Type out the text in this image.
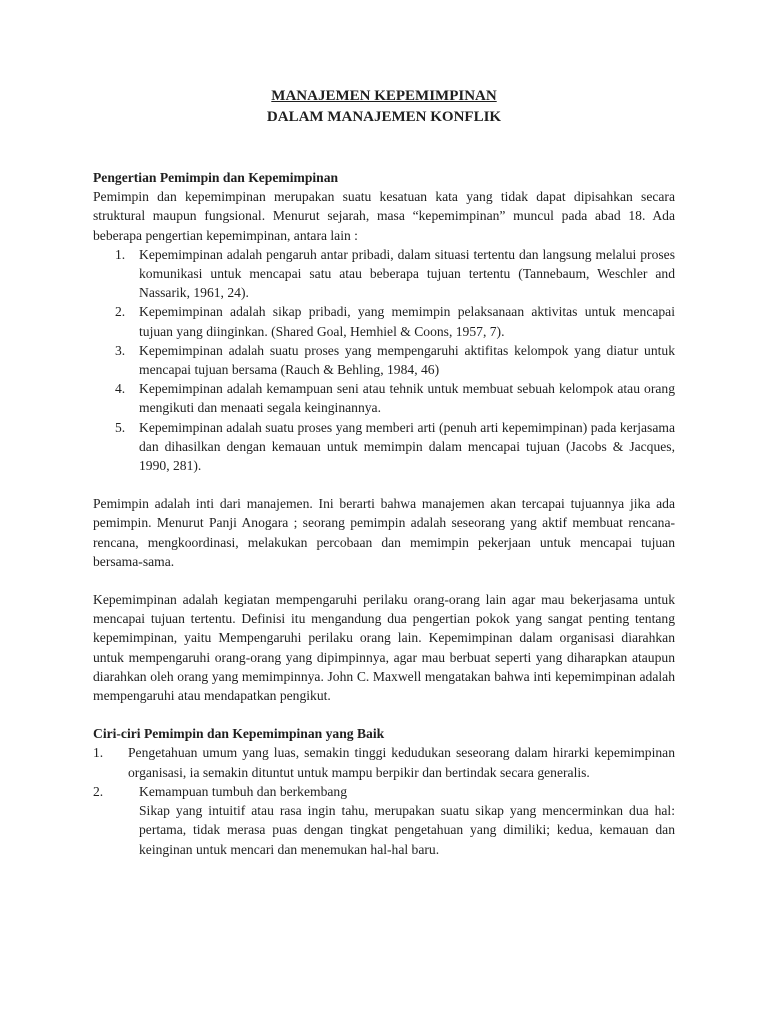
MANAJEMEN KEPEMIMPINAN
DALAM MANAJEMEN KONFLIK
Pengertian Pemimpin dan Kepemimpinan

Pemimpin dan kepemimpinan merupakan suatu kesatuan kata yang tidak dapat dipisahkan secara struktural maupun fungsional. Menurut sejarah, masa “kepemimpinan” muncul pada abad 18. Ada beberapa pengertian kepemimpinan, antara lain :

1. Kepemimpinan adalah pengaruh antar pribadi, dalam situasi tertentu dan langsung melalui proses komunikasi untuk mencapai satu atau beberapa tujuan tertentu (Tannebaum, Weschler and Nassarik, 1961, 24).
2. Kepemimpinan adalah sikap pribadi, yang memimpin pelaksanaan aktivitas untuk mencapai tujuan yang diinginkan. (Shared Goal, Hemhiel & Coons, 1957, 7).
3. Kepemimpinan adalah suatu proses yang mempengaruhi aktifitas kelompok yang diatur untuk mencapai tujuan bersama (Rauch & Behling, 1984, 46)
4. Kepemimpinan adalah kemampuan seni atau tehnik untuk membuat sebuah kelompok atau orang mengikuti dan menaati segala keinginannya.
5. Kepemimpinan adalah suatu proses yang memberi arti (penuh arti kepemimpinan) pada kerjasama dan dihasilkan dengan kemauan untuk memimpin dalam mencapai tujuan (Jacobs & Jacques, 1990, 281).

Pemimpin adalah inti dari manajemen. Ini berarti bahwa manajemen akan tercapai tujuannya jika ada pemimpin. Menurut Panji Anogara ; seorang pemimpin adalah seseorang yang aktif membuat rencana-rencana, mengkoordinasi, melakukan percobaan dan memimpin pekerjaan untuk mencapai tujuan bersama-sama.

Kepemimpinan adalah kegiatan mempengaruhi perilaku orang-orang lain agar mau bekerjasama untuk mencapai tujuan tertentu. Definisi itu mengandung dua pengertian pokok yang sangat penting tentang kepemimpinan, yaitu Mempengaruhi perilaku orang lain. Kepemimpinan dalam organisasi diarahkan untuk mempengaruhi orang-orang yang dipimpinnya, agar mau berbuat seperti yang diharapkan ataupun diarahkan oleh orang yang memimpinnya. John C. Maxwell mengatakan bahwa inti kepemimpinan adalah mempengaruhi atau mendapatkan pengikut.

Ciri-ciri Pemimpin dan Kepemimpinan yang Baik
1. Pengetahuan umum yang luas, semakin tinggi kedudukan seseorang dalam hirarki kepemimpinan organisasi, ia semakin dituntut untuk mampu berpikir dan bertindak secara generalis.
2.	Kemampuan tumbuh dan berkembang
Sikap yang intuitif atau rasa ingin tahu, merupakan suatu sikap yang mencerminkan dua hal: pertama, tidak merasa puas dengan tingkat pengetahuan yang dimiliki; kedua, kemauan dan keinginan untuk mencari dan menemukan hal-hal baru.
